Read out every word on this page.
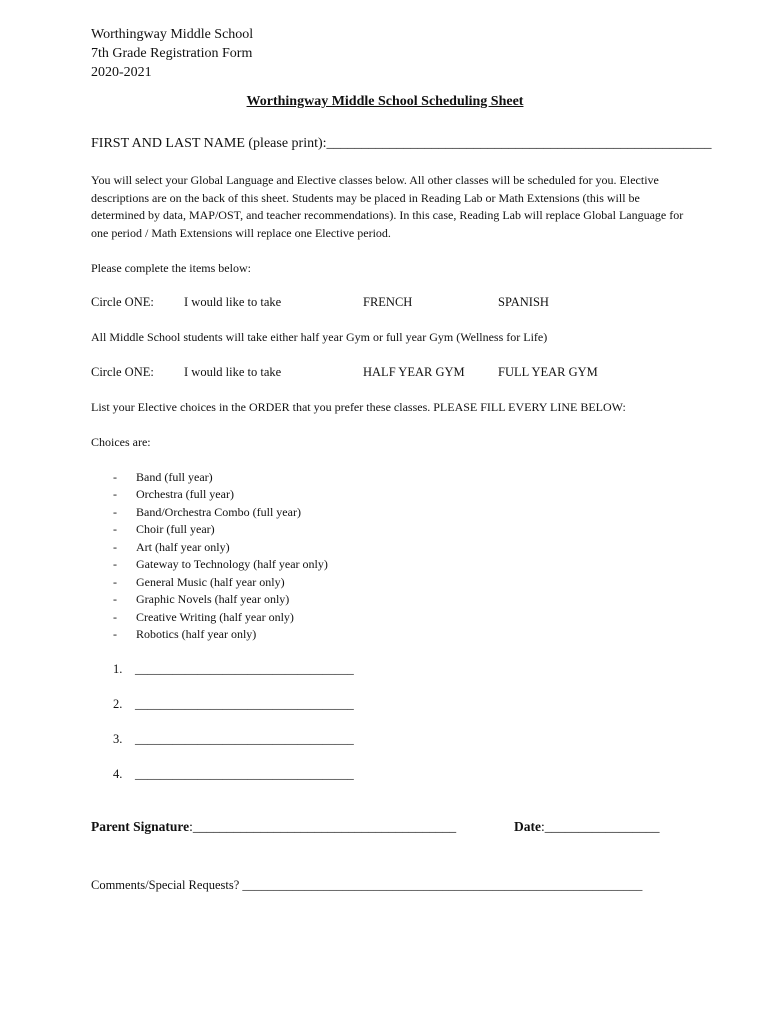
Worthingway Middle School
7th Grade Registration Form
2020-2021
Worthingway Middle School Scheduling Sheet
FIRST AND LAST NAME (please print):_______________________________________________________
You will select your Global Language and Elective classes below. All other classes will be scheduled for you. Elective descriptions are on the back of this sheet. Students may be placed in Reading Lab or Math Extensions (this will be determined by data, MAP/OST, and teacher recommendations). In this case, Reading Lab will replace Global Language for one period / Math Extensions will replace one Elective period.
Please complete the items below:
Circle ONE: I would like to take	FRENCH	SPANISH
All Middle School students will take either half year Gym or full year Gym (Wellness for Life)
Circle ONE: I would like to take	HALF YEAR GYM	FULL YEAR GYM
List your Elective choices in the ORDER that you prefer these classes. PLEASE FILL EVERY LINE BELOW:
Choices are:
- Band (full year)
- Orchestra (full year)
- Band/Orchestra Combo (full year)
- Choir (full year)
- Art (half year only)
- Gateway to Technology (half year only)
- General Music (half year only)
- Graphic Novels (half year only)
- Creative Writing (half year only)
- Robotics (half year only)
1. ___________________________________
2. ___________________________________
3. ___________________________________
4. ___________________________________
Parent Signature:_______________________________________	Date:_________________
Comments/Special Requests? ________________________________________________________________
